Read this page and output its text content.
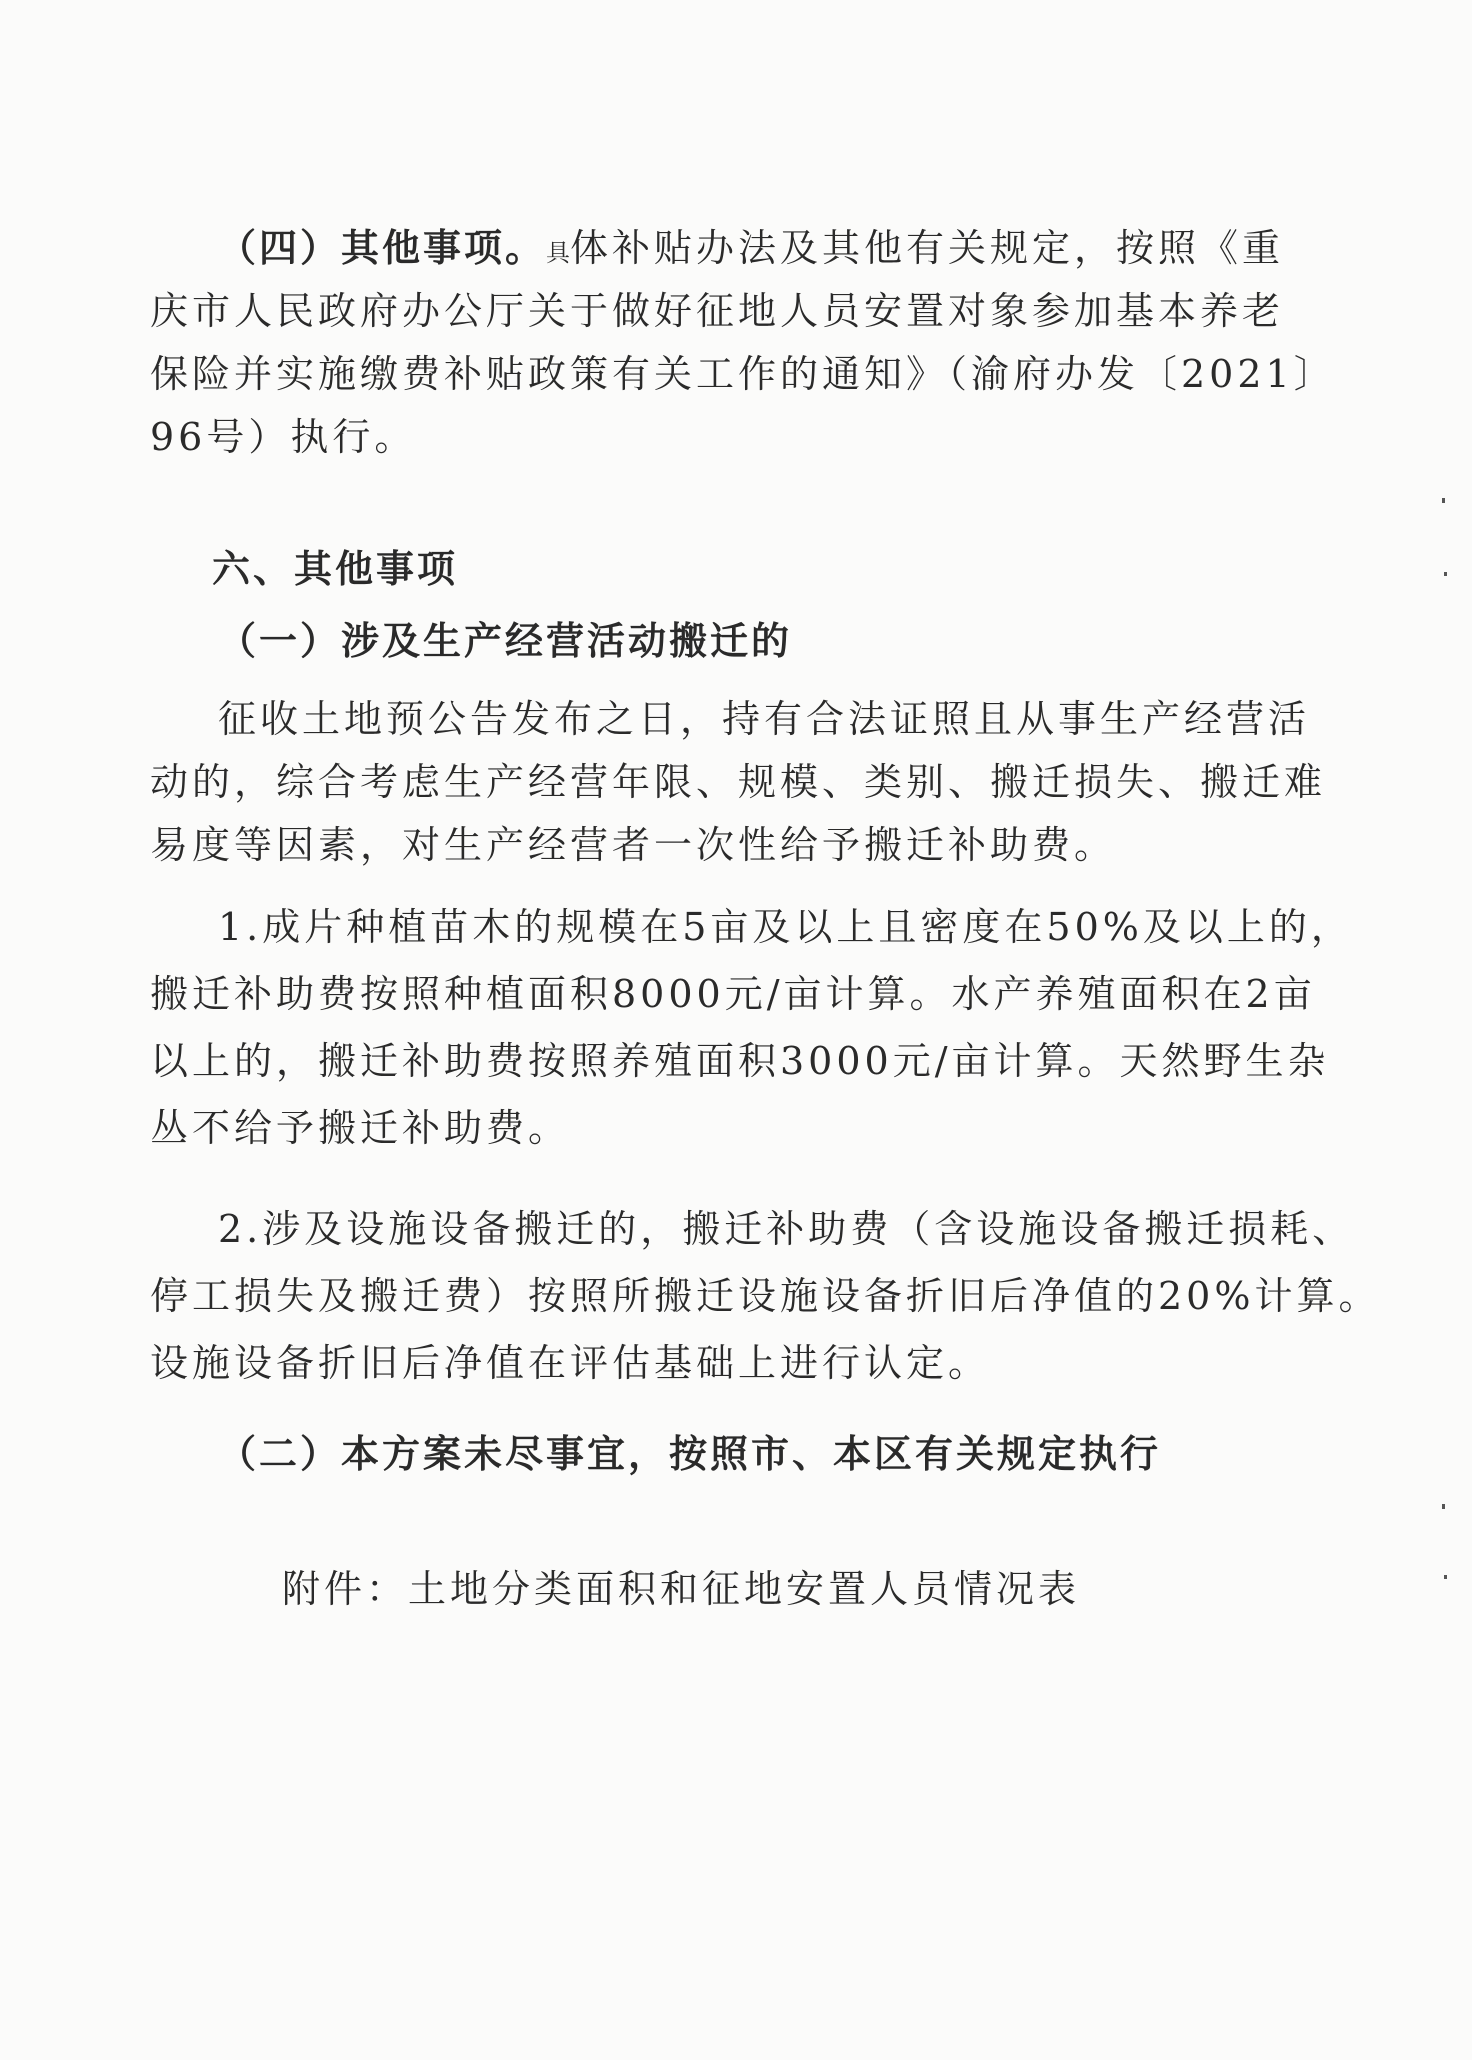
（四）其他事项。具体补贴办法及其他有关规定，按照《重
庆市人民政府办公厅关于做好征地人员安置对象参加基本养老
保险并实施缴费补贴政策有关工作的通知》（渝府办发〔2021〕
96号）执行。
六、其他事项
（一）涉及生产经营活动搬迁的
征收土地预公告发布之日，持有合法证照且从事生产经营活
动的，综合考虑生产经营年限、规模、类别、搬迁损失、搬迁难
易度等因素，对生产经营者一次性给予搬迁补助费。
1.成片种植苗木的规模在5亩及以上且密度在50%及以上的，
搬迁补助费按照种植面积8000元/亩计算。水产养殖面积在2亩
以上的，搬迁补助费按照养殖面积3000元/亩计算。天然野生杂
丛不给予搬迁补助费。
2.涉及设施设备搬迁的，搬迁补助费（含设施设备搬迁损耗、
停工损失及搬迁费）按照所搬迁设施设备折旧后净值的20%计算。
设施设备折旧后净值在评估基础上进行认定。
（二）本方案未尽事宜，按照市、本区有关规定执行
附件：土地分类面积和征地安置人员情况表
